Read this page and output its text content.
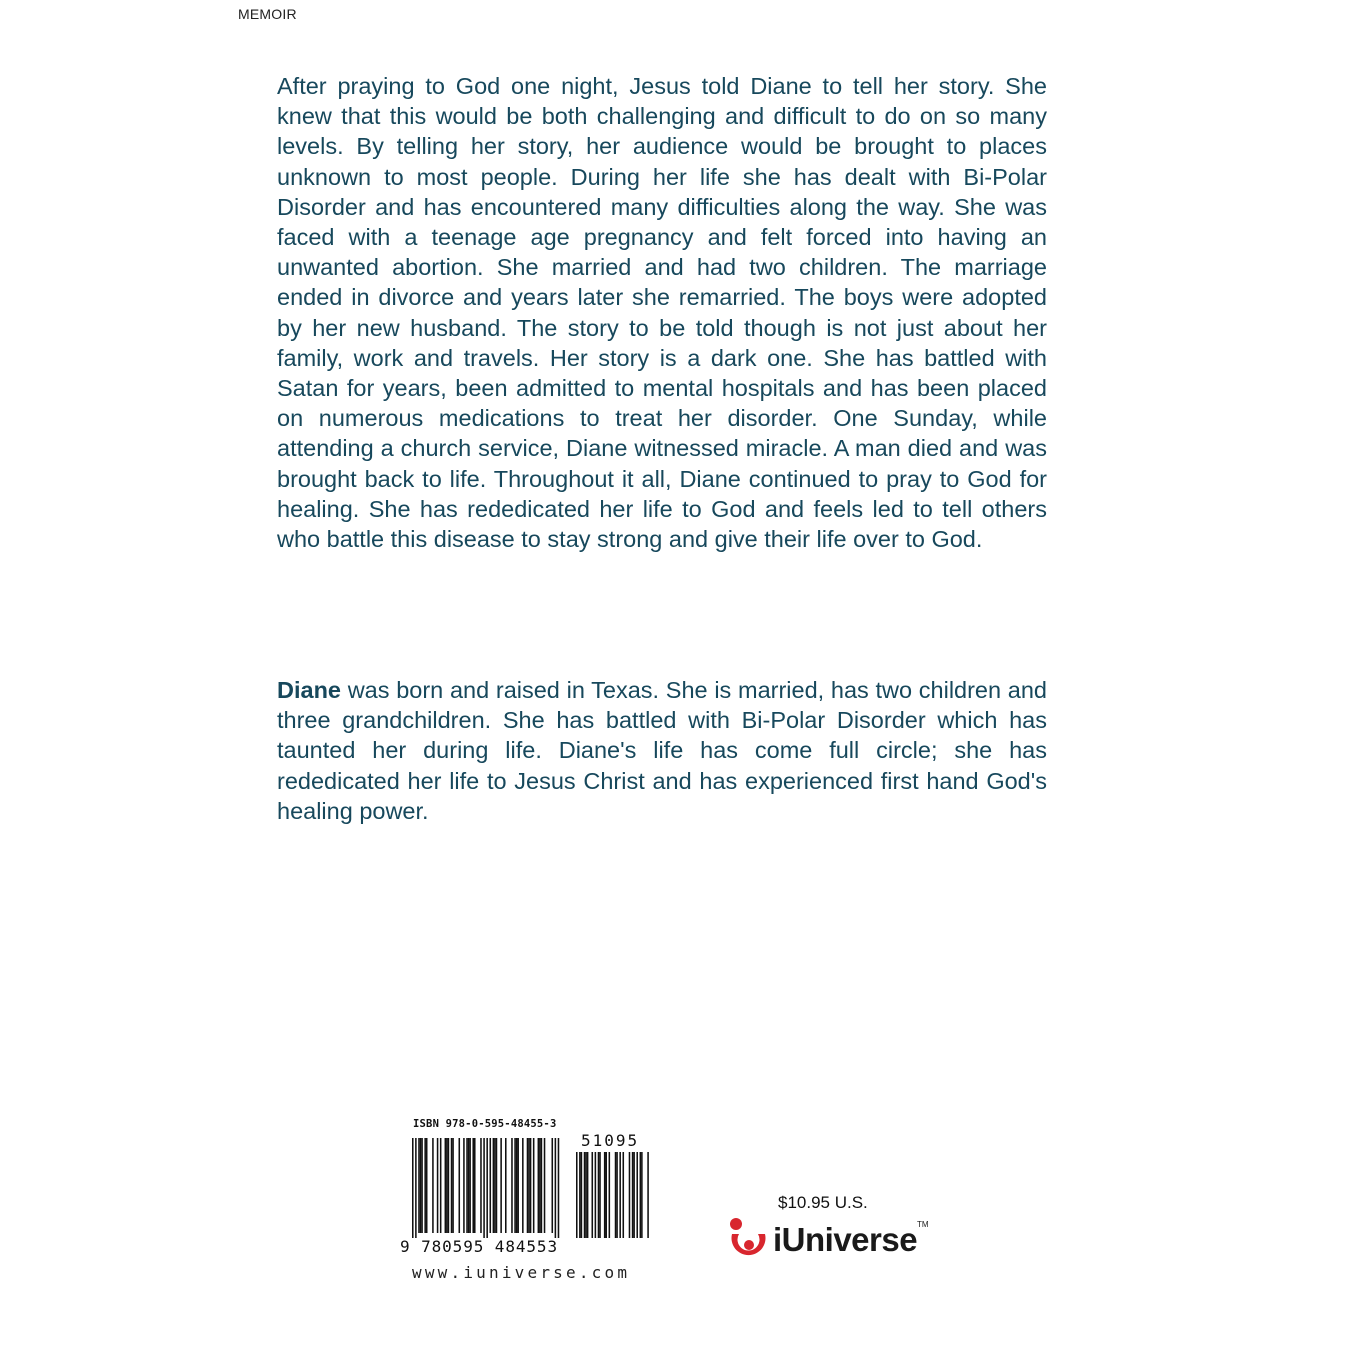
MEMOIR

After praying to God one night, Jesus told Diane to tell her story. She knew that this would be both challenging and difficult to do on so many levels. By telling her story, her audience would be brought to places unknown to most people. During her life she has dealt with Bi-Polar Disorder and has encountered many difficulties along the way. She was faced with a teenage age pregnancy and felt forced into having an unwanted abortion. She married and had two children. The marriage ended in divorce and years later she remarried. The boys were adopted by her new husband. The story to be told though is not just about her family, work and travels. Her story is a dark one. She has battled with Satan for years, been admitted to mental hospitals and has been placed on numerous medications to treat her disorder. One Sunday, while attending a church service, Diane witnessed miracle. A man died and was brought back to life. Throughout it all, Diane continued to pray to God for healing. She has rededicated her life to God and feels led to tell others who battle this disease to stay strong and give their life over to God.

Diane was born and raised in Texas. She is married, has two children and three grandchildren. She has battled with Bi-Polar Disorder which has taunted her during life. Diane's life has come full circle; she has rededicated her life to Jesus Christ and has experienced first hand God's healing power.

ISBN 978-0-595-48455-3
51095
9 780595 484553
www.iuniverse.com
$10.95 U.S.
iUniverse TM
